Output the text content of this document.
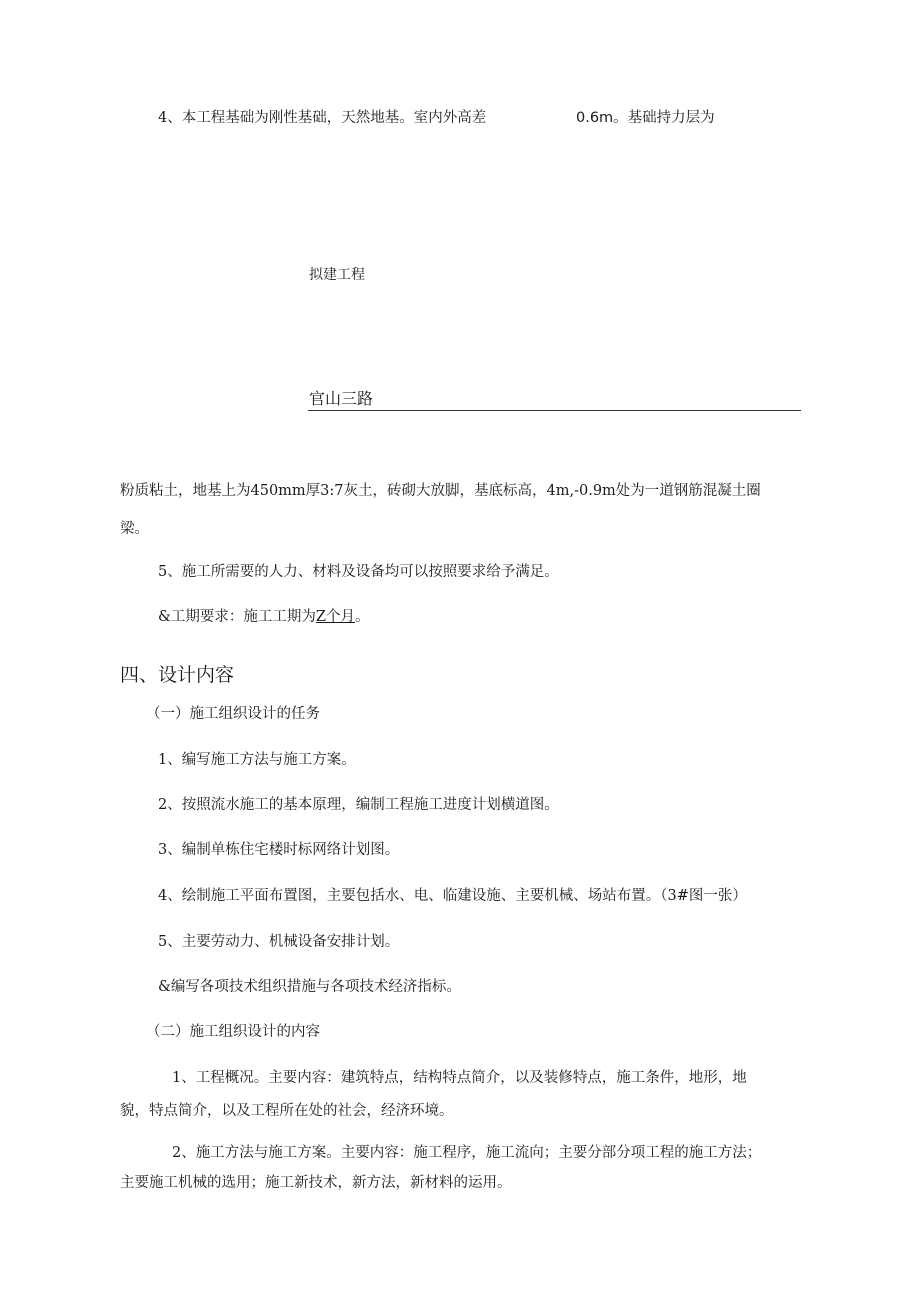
4、本工程基础为刚性基础，天然地基。室内外高差	0.6m。基础持力层为
拟建工程
官山三路
粉质粘土，地基上为450mm厚3:7灰土，砖砌大放脚，基底标高，4m,-0.9m处为一道钢筋混凝土圈
梁。
5、施工所需要的人力、材料及设备均可以按照要求给予满足。
&工期要求：施工工期为Z个月。
四、设计内容
（一）施工组织设计的任务
1、编写施工方法与施工方案。
2、按照流水施工的基本原理，编制工程施工进度计划横道图。
3、编制单栋住宅楼时标网络计划图。
4、绘制施工平面布置图，主要包括水、电、临建设施、主要机械、场站布置。（3#图一张）
5、主要劳动力、机械设备安排计划。
&编写各项技术组织措施与各项技术经济指标。
（二）施工组织设计的内容
1、工程概况。主要内容：建筑特点，结构特点简介，以及装修特点，施工条件，地形，地
貌，特点简介，以及工程所在处的社会，经济环境。
2、施工方法与施工方案。主要内容：施工程序，施工流向；主要分部分项工程的施工方法；
主要施工机械的选用；施工新技术，新方法，新材料的运用。
